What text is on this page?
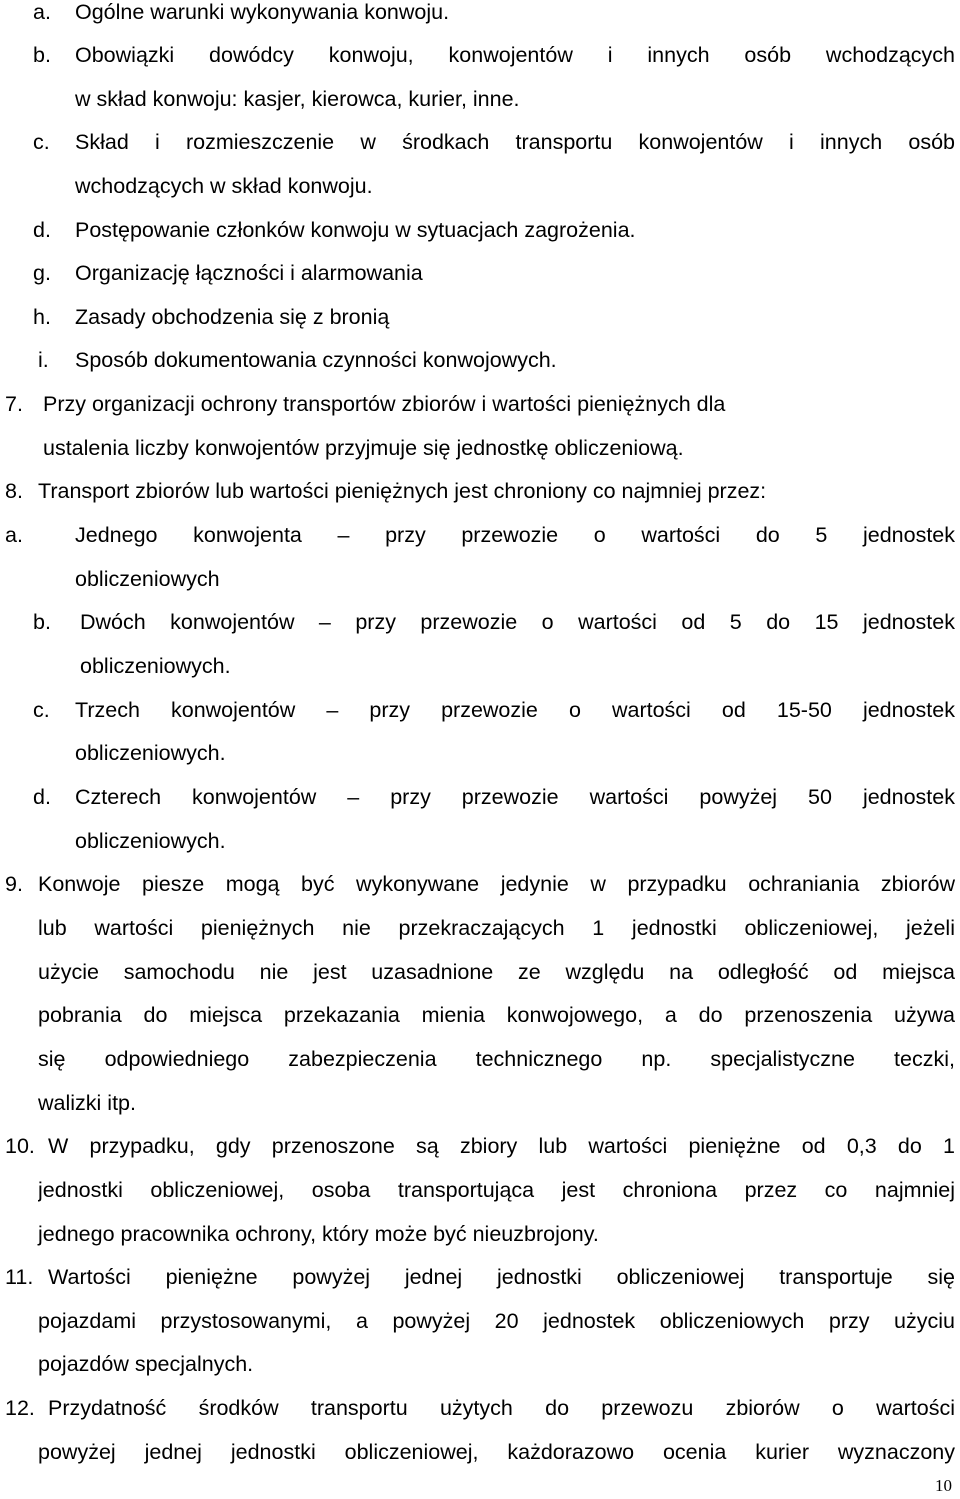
a. Ogólne warunki wykonywania konwoju.
b. Obowiązki dowódcy konwoju, konwojentów i innych osób wchodzących
w skład konwoju: kasjer, kierowca, kurier, inne.
c. Skład i rozmieszczenie w środkach transportu konwojentów i innych osób
wchodzących w skład konwoju.
d. Postępowanie członków konwoju w sytuacjach zagrożenia.
g. Organizację łączności i alarmowania
h. Zasady obchodzenia się z bronią
i. Sposób dokumentowania czynności konwojowych.
7. Przy organizacji ochrony transportów zbiorów i wartości pieniężnych dla
ustalenia liczby konwojentów przyjmuje się jednostkę obliczeniową.
8. Transport zbiorów lub wartości pieniężnych jest chroniony co najmniej przez:
a. Jednego konwojenta – przy przewozie o wartości do 5 jednostek
obliczeniowych
b. Dwóch konwojentów – przy przewozie o wartości od 5 do 15 jednostek
obliczeniowych.
c. Trzech konwojentów – przy przewozie o wartości od 15-50 jednostek
obliczeniowych.
d. Czterech konwojentów – przy przewozie wartości powyżej 50 jednostek
obliczeniowych.
9. Konwoje piesze mogą być wykonywane jedynie w przypadku ochraniania zbiorów
lub wartości pieniężnych nie przekraczających 1 jednostki obliczeniowej, jeżeli
użycie samochodu nie jest uzasadnione ze względu na odległość od miejsca
pobrania do miejsca przekazania mienia konwojowego, a do przenoszenia używa
się odpowiedniego zabezpieczenia technicznego np. specjalistyczne teczki,
walizki itp.
10. W przypadku, gdy przenoszone są zbiory lub wartości pieniężne od 0,3 do 1
jednostki obliczeniowej, osoba transportująca jest chroniona przez co najmniej
jednego pracownika ochrony, który może być nieuzbrojony.
11. Wartości pieniężne powyżej jednej jednostki obliczeniowej transportuje się
pojazdami przystosowanymi, a powyżej 20 jednostek obliczeniowych przy użyciu
pojazdów specjalnych.
12. Przydatność środków transportu użytych do przewozu zbiorów o wartości
powyżej jednej jednostki obliczeniowej, każdorazowo ocenia kurier wyznaczony
10
